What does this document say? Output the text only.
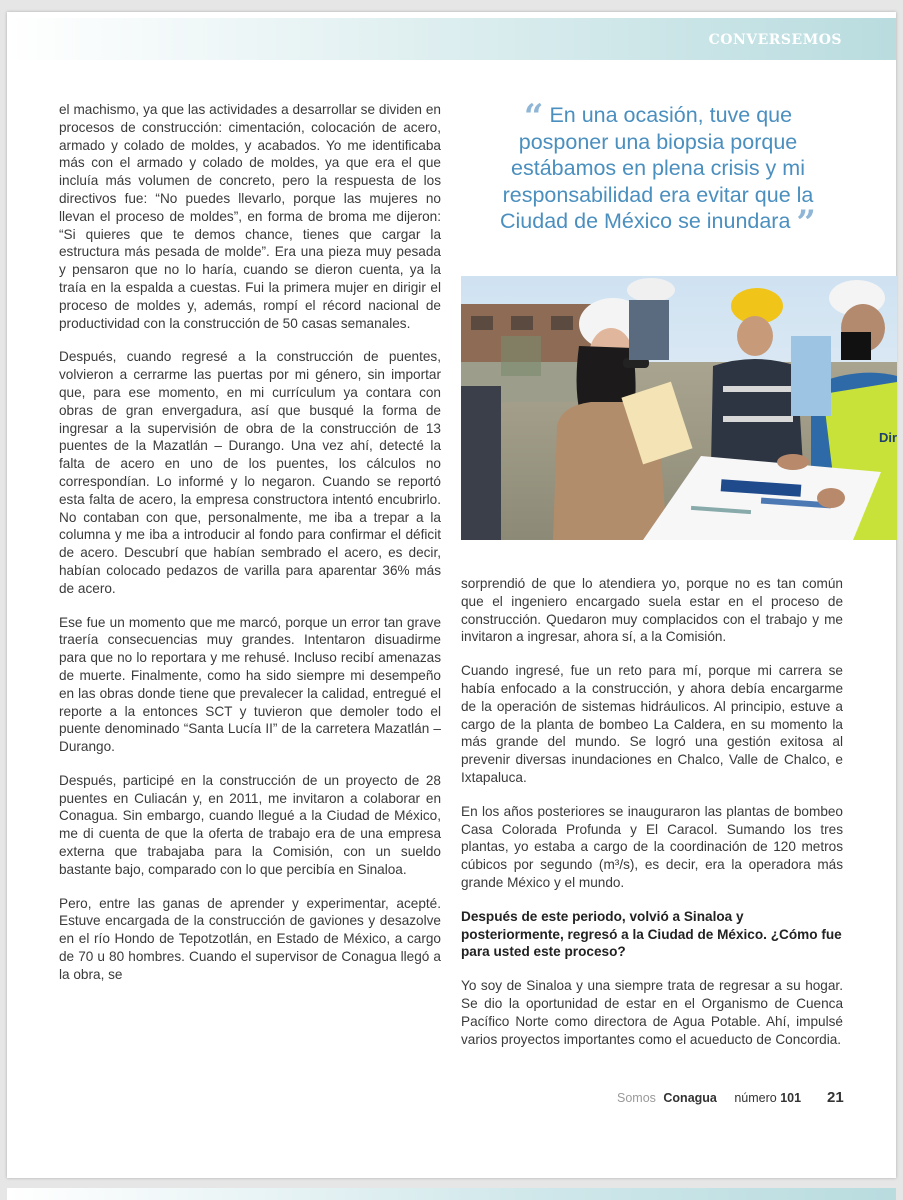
CONVERSEMOS

el machismo, ya que las actividades a desarrollar se dividen en procesos de construcción: cimentación, colocación de acero, armado y colado de moldes, y acabados. Yo me identificaba más con el armado y colado de moldes, ya que era el que incluía más volumen de concreto, pero la respuesta de los directivos fue: “No puedes llevarlo, porque las mujeres no llevan el proceso de moldes”, en forma de broma me dijeron: “Si quieres que te demos chance, tienes que cargar la estructura más pesada de molde”. Era una pieza muy pesada y pensaron que no lo haría, cuando se dieron cuenta, ya la traía en la espalda a cuestas. Fui la primera mujer en dirigir el proceso de moldes y, además, rompí el récord nacional de productividad con la construcción de 50 casas semanales.

Después, cuando regresé a la construcción de puentes, volvieron a cerrarme las puertas por mi género, sin importar que, para ese momento, en mi currículum ya contara con obras de gran envergadura, así que busqué la forma de ingresar a la supervisión de obra de la construcción de 13 puentes de la Mazatlán – Durango. Una vez ahí, detecté la falta de acero en uno de los puentes, los cálculos no correspondían. Lo informé y lo negaron. Cuando se reportó esta falta de acero, la empresa constructora intentó encubrirlo. No contaban con que, personalmente, me iba a trepar a la columna y me iba a introducir al fondo para confirmar el déficit de acero. Descubrí que habían sembrado el acero, es decir, habían colocado pedazos de varilla para aparentar 36% más de acero.

Ese fue un momento que me marcó, porque un error tan grave traería consecuencias muy grandes. Intentaron disuadirme para que no lo reportara y me rehusé. Incluso recibí amenazas de muerte. Finalmente, como ha sido siempre mi desempeño en las obras donde tiene que prevalecer la calidad, entregué el reporte a la entonces SCT y tuvieron que demoler todo el puente denominado “Santa Lucía II” de la carretera Mazatlán – Durango.

Después, participé en la construcción de un proyecto de 28 puentes en Culiacán y, en 2011, me invitaron a colaborar en Conagua. Sin embargo, cuando llegué a la Ciudad de México, me di cuenta de que la oferta de trabajo era de una empresa externa que trabajaba para la Comisión, con un sueldo bastante bajo, comparado con lo que percibía en Sinaloa.

Pero, entre las ganas de aprender y experimentar, acepté. Estuve encargada de la construcción de gaviones y desazolve en el río Hondo de Tepotzotlán, en Estado de México, a cargo de 70 u 80 hombres. Cuando el supervisor de Conagua llegó a la obra, se

“ En una ocasión, tuve que posponer una biopsia porque estábamos en plena crisis y mi responsabilidad era evitar que la Ciudad de México se inundara ”
Dir

sorprendió de que lo atendiera yo, porque no es tan común que el ingeniero encargado suela estar en el proceso de construcción. Quedaron muy complacidos con el trabajo y me invitaron a ingresar, ahora sí, a la Comisión.

Cuando ingresé, fue un reto para mí, porque mi carrera se había enfocado a la construcción, y ahora debía encargarme de la operación de sistemas hidráulicos. Al principio, estuve a cargo de la planta de bombeo La Caldera, en su momento la más grande del mundo. Se logró una gestión exitosa al prevenir diversas inundaciones en Chalco, Valle de Chalco, e Ixtapaluca.

En los años posteriores se inauguraron las plantas de bombeo Casa Colorada Profunda y El Caracol. Sumando los tres plantas, yo estaba a cargo de la coordinación de 120 metros cúbicos por segundo (m³/s), es decir, era la operadora más grande México y el mundo.

Después de este periodo, volvió a Sinaloa y posteriormente, regresó a la Ciudad de México. ¿Cómo fue para usted este proceso?

Yo soy de Sinaloa y una siempre trata de regresar a su hogar. Se dio la oportunidad de estar en el Organismo de Cuenca Pacífico Norte como directora de Agua Potable. Ahí, impulsé varios proyectos importantes como el acueducto de Concordia.

Somos Conagua número 101 21
